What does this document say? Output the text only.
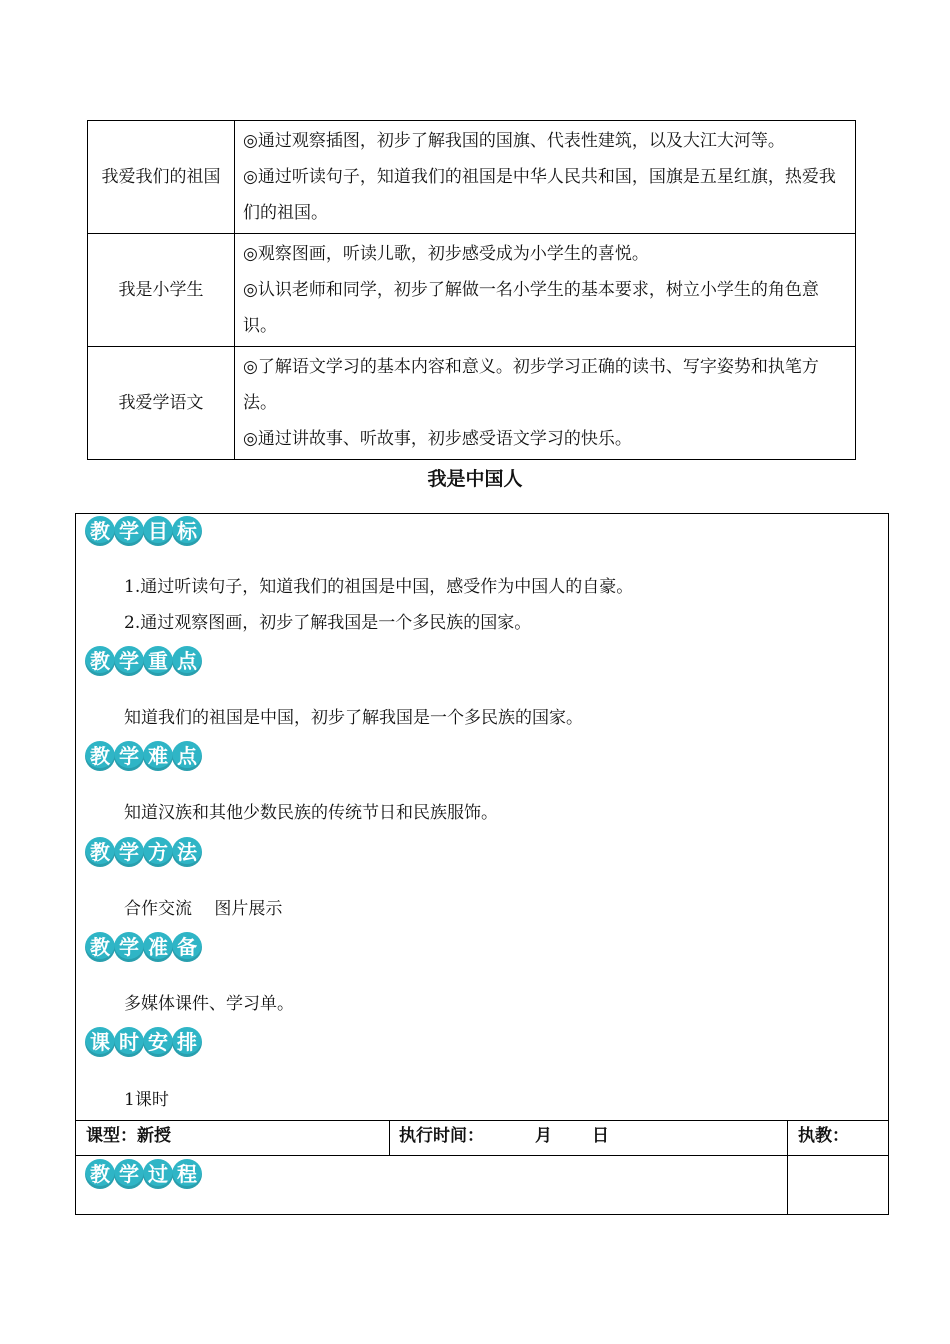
我爱我们的祖国	◎通过观察插图，初步了解我国的国旗、代表性建筑，以及大江大河等。

◎通过听读句子，知道我们的祖国是中华人民共和国，国旗是五星红旗，热爱我们的祖国。

我是小学生	◎观察图画，听读儿歌，初步感受成为小学生的喜悦。

◎认识老师和同学，初步了解做一名小学生的基本要求，树立小学生的角色意识。

我爱学语文	◎了解语文学习的基本内容和意义。初步学习正确的读书、写字姿势和执笔方法。

◎通过讲故事、听故事，初步感受语文学习的快乐。

我是中国人
教 学 目 标
1.通过听读句子，知道我们的祖国是中国，感受作为中国人的自豪。
2.通过观察图画，初步了解我国是一个多民族的国家。
教 学 重 点
知道我们的祖国是中国，初步了解我国是一个多民族的国家。
教 学 难 点
知道汉族和其他少数民族的传统节日和民族服饰。
教 学 方 法
合作交流　 图片展示
教 学 准 备
多媒体课件、学习单。
课 时 安 排
1课时
课型：新授	执行时间：	月 日	执教：
教 学 过 程
